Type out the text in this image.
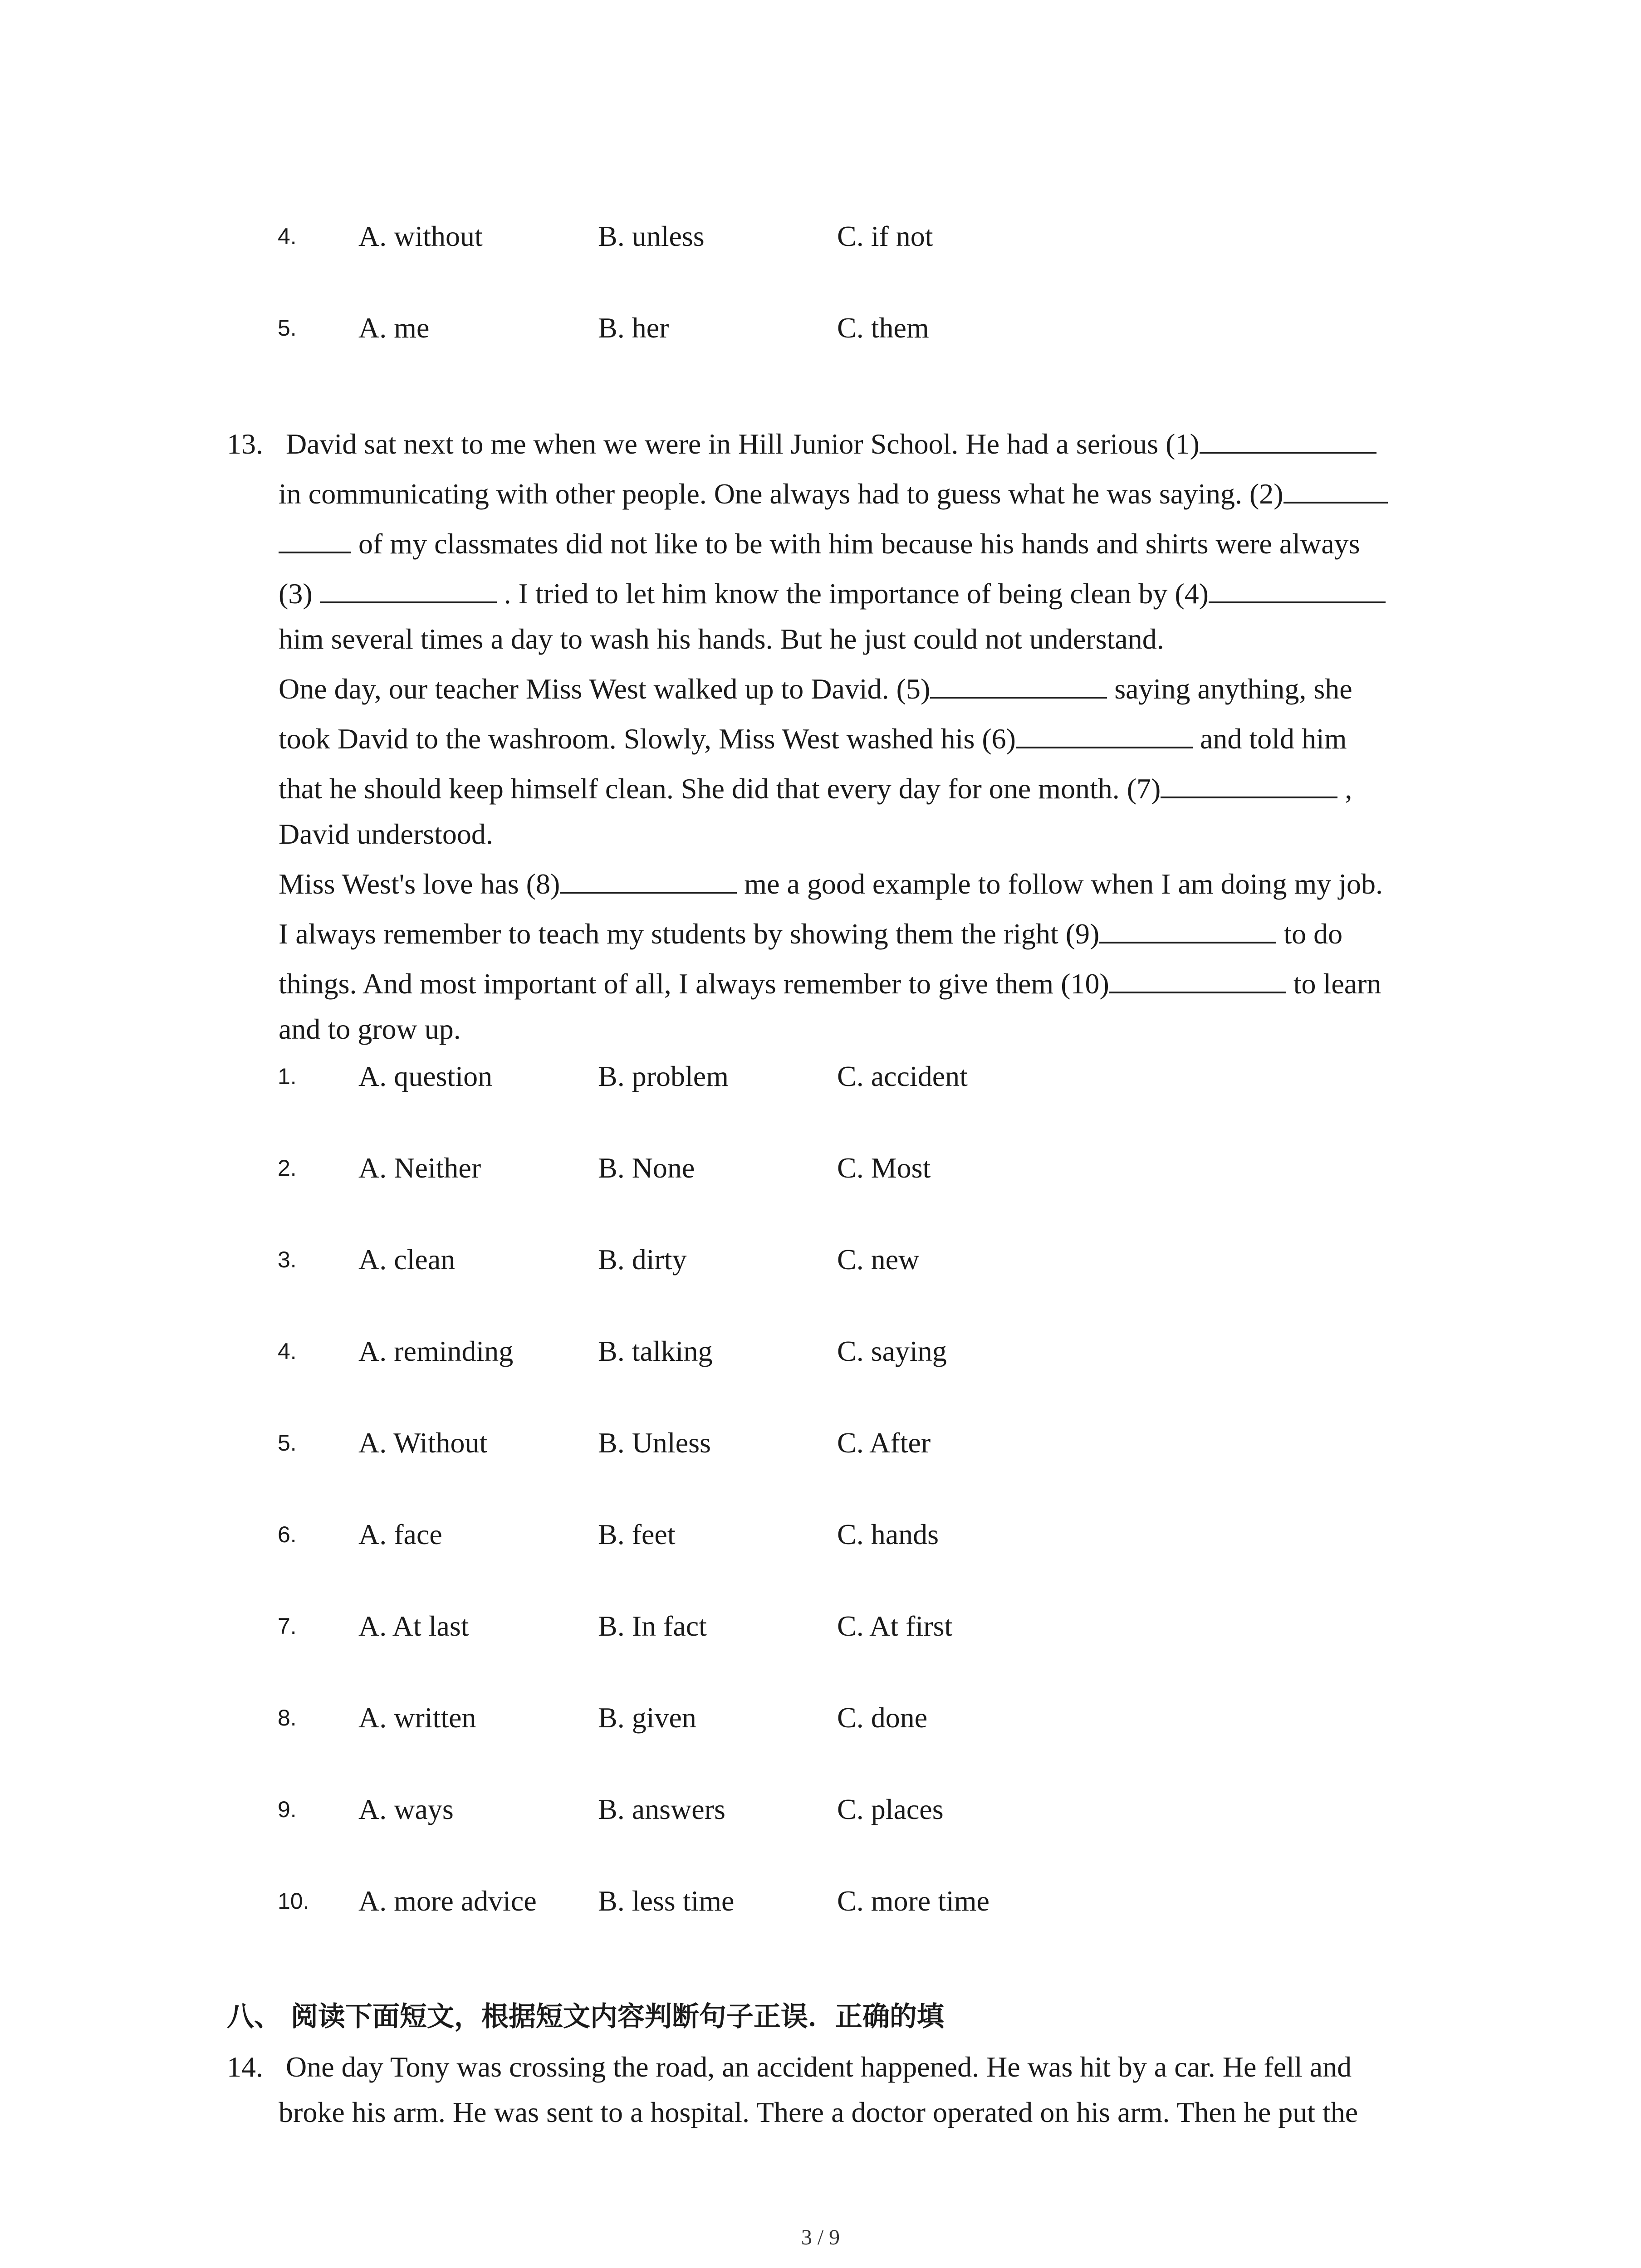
4. A. without	B. unless	C. if not
5. A. me	B. her	C. them
13. David sat next to me when we were in Hill Junior School. He had a serious (1)
in communicating with other people. One always had to guess what he was saying. (2)
of my classmates did not like to be with him because his hands and shirts were always
(3)	. I tried to let him know the importance of being clean by (4)
him several times a day to wash his hands. But he just could not understand.
One day, our teacher Miss West walked up to David. (5)	saying anything, she
took David to the washroom. Slowly, Miss West washed his (6)	and told him
that he should keep himself clean. She did that every day for one month. (7)	,
David understood.
Miss West's love has (8)	me a good example to follow when I am doing my job.
I always remember to teach my students by showing them the right (9)	to do
things. And most important of all, I always remember to give them (10)	to learn
and to grow up.
1. A. question	B. problem	C. accident
2. A. Neither	B. None	C. Most
3. A. clean	B. dirty	C. new
4. A. reminding	B. talking	C. saying
5. A. Without	B. Unless	C. After
6. A. face	B. feet	C. hands
7. A. At last	B. In fact	C. At first
8. A. written	B. given	C. done
9. A. ways	B. answers	C. places
10. A. more advice B. less time	C. more time
八、 阅读下面短文，根据短文内容判断句子正误．正确的填
14. One day Tony was crossing the road, an accident happened. He was hit by a car. He fell and
broke his arm. He was sent to a hospital. There a doctor operated on his arm. Then he put the
3 / 9
